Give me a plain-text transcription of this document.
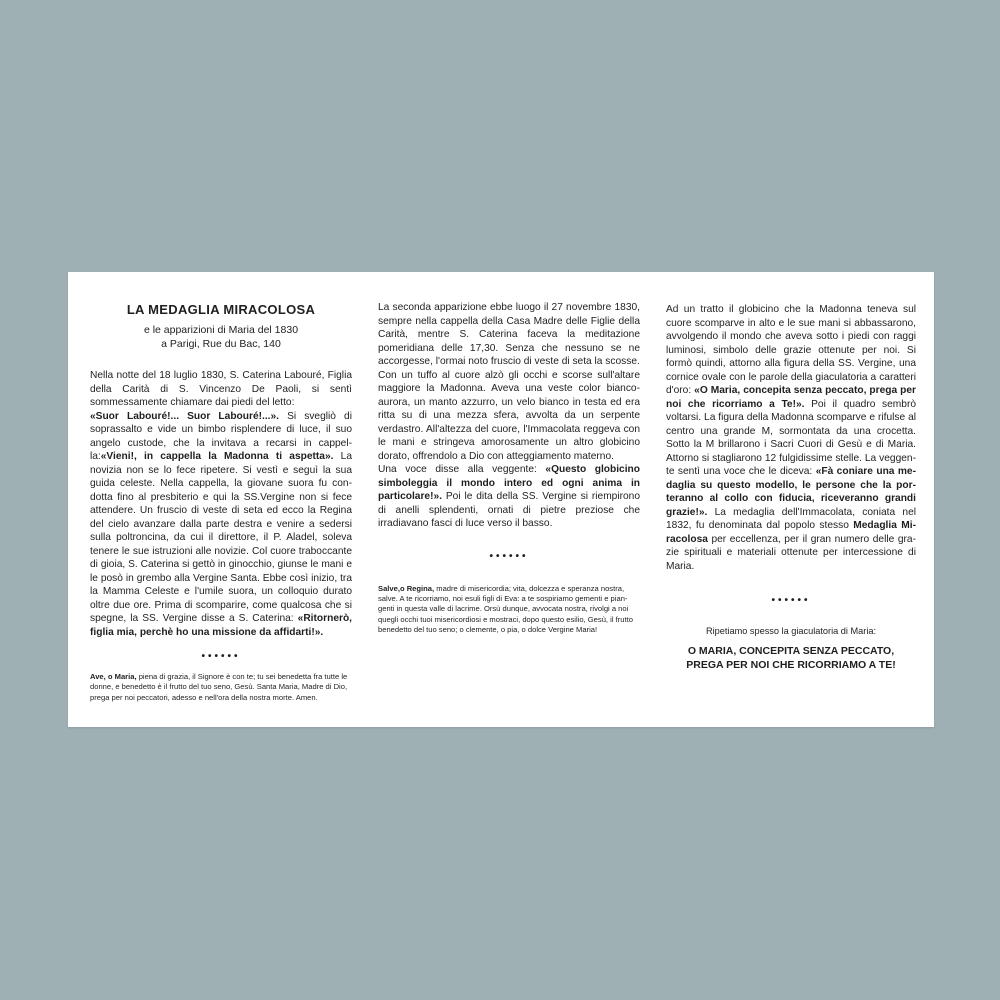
LA MEDAGLIA MIRACOLOSA
e le apparizioni di Maria del 1830
a Parigi, Rue du Bac, 140

Nella notte del 18 luglio 1830, S. Caterina Labouré, Figlia della Carità di S. Vincenzo De Paoli, si sentì sommessamente chiamare dai piedi del letto:
«Suor Labouré!... Suor Labouré!...». Si svegliò di soprassalto e vide un bimbo risplendere di luce, il suo angelo custode, che la invitava a recarsi in cappella:«Vieni!, in cappella la Madonna ti aspetta». La novizia non se lo fece ripetere. Si vestì e seguì la sua guida celeste. Nella cappella, la giovane suora fu condotta fino al presbiterio e qui la SS.Vergine non si fece attendere. Un fruscio di veste di seta ed ecco la Regina del cielo avanzare dalla parte destra e venire a sedersi sulla poltroncina, da cui il direttore, il P. Aladel, soleva tenere le sue istruzioni alle novizie. Col cuore traboccante di gioia, S. Caterina si gettò in ginocchio, giunse le mani e le posò in grembo alla Vergine Santa. Ebbe così inizio, tra la Mamma Celeste e l'umile suora, un colloquio durato oltre due ore. Prima di scomparire, come qualcosa che si spegne, la SS. Vergine disse a S. Caterina: «Ritornerò, figlia mia, perchè ho una missione da affidarti!».

••••••

Ave, o Maria, piena di grazia, il Signore è con te; tu sei benedetta fra tutte le donne, e benedetto è il frutto del tuo seno, Gesù. Santa Maria, Madre di Dio, prega per noi peccatori, adesso e nell'ora della nostra morte. Amen.

La seconda apparizione ebbe luogo il 27 novembre 1830, sempre nella cappella della Casa Madre delle Figlie della Carità, mentre S. Caterina faceva la meditazione pomeridiana delle 17,30. Senza che nessuno se ne accorgesse, l'ormai noto fruscio di veste di seta la scosse.
Con un tuffo al cuore alzò gli occhi e scorse sull'altare maggiore la Madonna. Aveva una veste color biancoaurora, un manto azzurro, un velo bianco in testa ed era ritta su di una mezza sfera, avvolta da un serpente verdastro. All'altezza del cuore, l'Immacolata reggeva con le mani e stringeva amorosamente un altro globicino dorato, offrendolo a Dio con atteggiamento materno.
Una voce disse alla veggente: «Questo globicino simboleggia il mondo intero ed ogni anima in particolare!». Poi le dita della SS. Vergine si riempirono di anelli splendenti, ornati di pietre preziose che irradiavano fasci di luce verso il basso.

••••••

Salve,o Regina, madre di misericordia; vita, dolcezza e speranza nostra, salve. A te ricorriamo, noi esuli figli di Eva: a te sospiriamo gementi e piangenti in questa valle di lacrime. Orsù dunque, avvocata nostra, rivolgi a noi quegli occhi tuoi misericordiosi e mostraci, dopo questo esilio, Gesù, il frutto benedetto del tuo seno; o clemente, o pia, o dolce Vergine Maria!

Ad un tratto il globicino che la Madonna teneva sul cuore scomparve in alto e le sue mani si abbassarono, avvolgendo il mondo che aveva sotto i piedi con raggi luminosi, simbolo delle grazie ottenute per noi. Si formò quindi, attorno alla figura della SS. Vergine, una cornice ovale con le parole della giaculatoria a caratteri d'oro: «O Maria, concepita senza peccato, prega per noi che ricorriamo a Te!». Poi il quadro sembrò voltarsi. La figura della Madonna scomparve e rifulse al centro una grande M, sormontata da una crocetta. Sotto la M brillarono i Sacri Cuori di Gesù e di Maria. Attorno si stagliarono 12 fulgidissime stelle. La veggente sentì una voce che le diceva: «Fà coniare una medaglia su questo modello, le persone che la porteranno al collo con fiducia, riceveranno grandi grazie!». La medaglia dell'Immacolata, coniata nel 1832, fu denominata dal popolo stesso Medaglia Miracolosa per eccellenza, per il gran numero delle grazie spirituali e materiali ottenute per intercessione di Maria.

••••••
Ripetiamo spesso la giaculatoria di Maria:
O MARIA, CONCEPITA SENZA PECCATO,
PREGA PER NOI CHE RICORRIAMO A TE!
